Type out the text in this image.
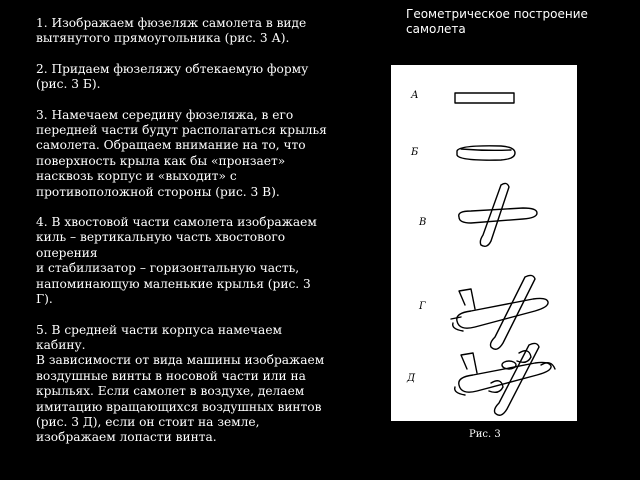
Геометрическое построение самолета

1. Изображаем фюзеляж самолета в виде вытянутого прямоугольника (рис. 3 А).

2. Придаем фюзеляжу обтекаемую форму (рис. 3 Б).

3. Намечаем середину фюзеляжа, в его передней части будут располагаться крылья самолета. Обращаем внимание на то, что поверхность крыла как бы «пронзает» насквозь корпус и «выходит» с противоположной стороны (рис. 3 В).

4. В хвостовой части самолета изображаем киль – вертикальную часть хвостового оперения
и стабилизатор – горизонтальную часть, напоминающую маленькие крылья (рис. 3 Г).

5. В средней части корпуса намечаем кабину.
В зависимости от вида машины изображаем воздушные винты в носовой части или на крыльях. Если самолет в воздухе, делаем имитацию вращающихся воздушных винтов (рис. 3 Д), если он стоит на земле, изображаем лопасти винта.

А
Б
В
Г
Д
Рис. 3
